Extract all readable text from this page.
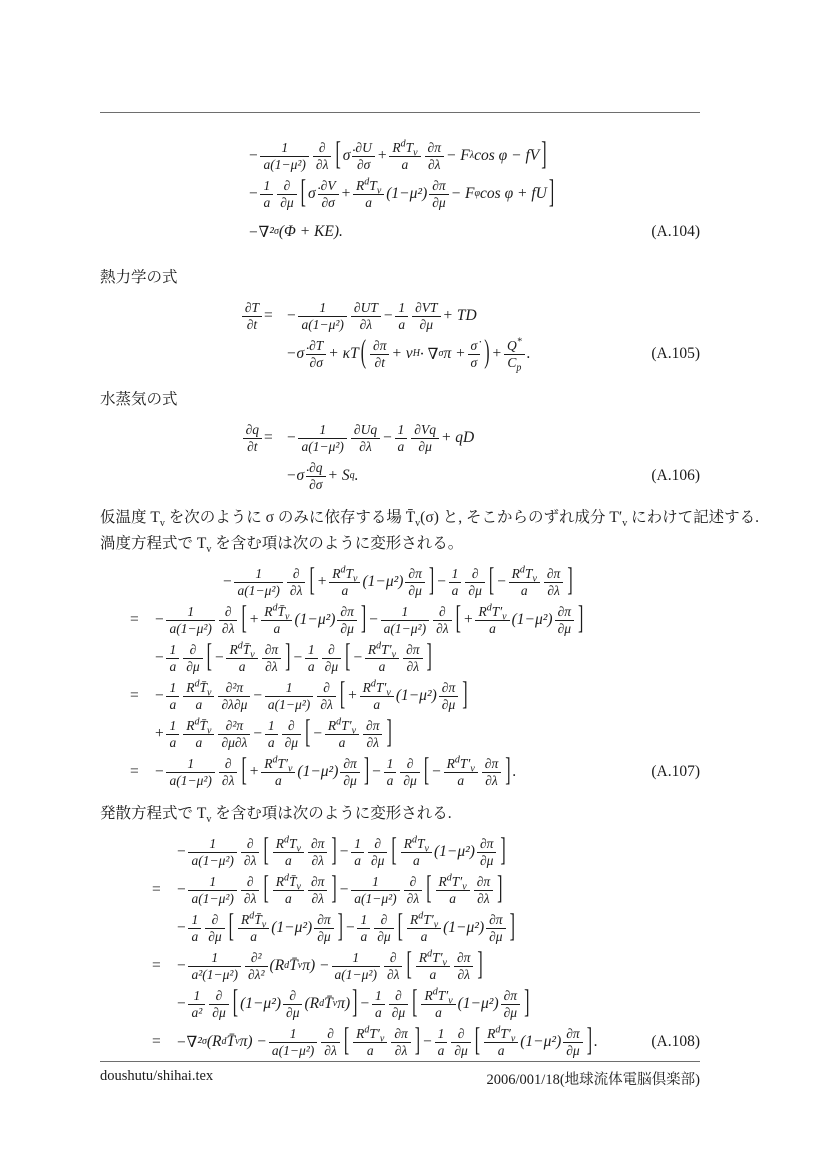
− $\frac{1}{\text{a(1−μ²)}} \frac{\partial}{\partial\lambda}$ [ σ̇ $\frac{\partial U}{\partial\sigma} + \frac{R^dT_v}{a} \frac{\partial\pi}{\partial\lambda} - F$ λ cos φ − fV ]
− $\frac{1}{a} \frac{\partial}{\partial\mu}$ [ σ̇ $\frac{\partial V}{\partial\sigma} + \frac{R^dT_v}{a} (1-\mu^2) \frac{\partial\pi}{\partial\mu} - F$ φ cos φ + fU ]
−∇² σ (Φ + KE).	(A.104)
熱力学の式
$\frac{\partial T}{\partial t}$ = − $\frac{1}{\text{a(1−μ²)}} \frac{\partial UT}{\partial\lambda} - \frac{1}{a} \frac{\partial VT}{\partial\mu}$ + TD
−σ̇ $\frac{\partial T}{\partial\sigma} + \kappa T$ ( $\frac{\partial\pi}{\partial t} + v$ H · ∇ σ $\pi + \frac{\sigmȧ}{\sigma}$ ) + $\frac{Q^*}{C_p}$ .	(A.105)
水蒸気の式
$\frac{\partial q}{\partial t}$ = − $\frac{1}{\text{a(1−μ²)}} \frac{\partial Uq}{\partial\lambda} - \frac{1}{a} \frac{\partial Vq}{\partial\mu}$ + qD
−σ̇ $\frac{\partial q}{\partial\sigma} + S$ q .	(A.106)
仮温度 $T_v$ を次のように σ のみに依存する場 $T̄_v(\sigma)$ と, そこからのずれ成分 $T'_v$ にわけて記述する.
渦度方程式で $T_v$ を含む項は次のように変形される。
− $\frac{1}{\text{a(1−μ²)}} \frac{\partial}{\partial\lambda}$ [ + $\frac{R^dT_v}{a} (1-\mu^2) \frac{\partial\pi}{\partial\mu}$ ] − $\frac{1}{a} \frac{\partial}{\partial\mu}$ [ − $\frac{R^dT_v}{a} \frac{\partial\pi}{\partial\lambda}$ ]
= − $\frac{1}{\text{a(1−μ²)}} \frac{\partial}{\partial\lambda}$ [ + $\frac{R^dT̄_v}{a} (1-\mu^2) \frac{\partial\pi}{\partial\mu}$ ] − $\frac{1}{\text{a(1−μ²)}} \frac{\partial}{\partial\lambda}$ [ + $\frac{R^dT'_v}{a} (1-\mu^2) \frac{\partial\pi}{\partial\mu}$ ]
− $\frac{1}{a} \frac{\partial}{\partial\mu}$ [ − $\frac{R^dT̄_v}{a} \frac{\partial\pi}{\partial\lambda}$ ] − $\frac{1}{a} \frac{\partial}{\partial\mu}$ [ − $\frac{R^dT'_v}{a} \frac{\partial\pi}{\partial\lambda}$ ]
= − $\frac{1}{a} \frac{R^dT̄_v}{a} \frac{\text{∂²π}}{\partial\lambda\partial\mu} - \frac{1}{\text{a(1−μ²)}} \frac{\partial}{\partial\lambda}$ [ + $\frac{R^dT'_v}{a} (1-\mu^2) \frac{\partial\pi}{\partial\mu}$ ]
+ $\frac{1}{a} \frac{R^dT̄_v}{a} \frac{\text{∂²π}}{\partial\mu\partial\lambda} - \frac{1}{a} \frac{\partial}{\partial\mu}$ [ − $\frac{R^dT'_v}{a} \frac{\partial\pi}{\partial\lambda}$ ]
= − $\frac{1}{\text{a(1−μ²)}} \frac{\partial}{\partial\lambda}$ [ + $\frac{R^dT'_v}{a} (1-\mu^2) \frac{\partial\pi}{\partial\mu}$ ] − $\frac{1}{a} \frac{\partial}{\partial\mu}$ [ − $\frac{R^dT'_v}{a} \frac{\partial\pi}{\partial\lambda}$ ] .	(A.107)
発散方程式で $T_v$ を含む項は次のように変形される.
− $\frac{1}{\text{a(1−μ²)}} \frac{\partial}{\partial\lambda}$ [ $\frac{R^dT_v}{a} \frac{\partial\pi}{\partial\lambda}$ ] − $\frac{1}{a} \frac{\partial}{\partial\mu}$ [ $\frac{R^dT_v}{a} (1-\mu^2) \frac{\partial\pi}{\partial\mu}$ ]
= − $\frac{1}{\text{a(1−μ²)}} \frac{\partial}{\partial\lambda}$ [ $\frac{R^dT̄_v}{a} \frac{\partial\pi}{\partial\lambda}$ ] − $\frac{1}{\text{a(1−μ²)}} \frac{\partial}{\partial\lambda}$ [ $\frac{R^dT'_v}{a} \frac{\partial\pi}{\partial\lambda}$ ]
− $\frac{1}{a} \frac{\partial}{\partial\mu}$ [ $\frac{R^dT̄_v}{a} (1-\mu^2) \frac{\partial\pi}{\partial\mu}$ ] − $\frac{1}{a} \frac{\partial}{\partial\mu}$ [ $\frac{R^dT'_v}{a} (1-\mu^2) \frac{\partial\pi}{\partial\mu}$ ]
= − $\frac{1}{\text{a²(1−μ²)}} \frac{\text{∂²}}{\text{∂λ²}} (R$ d T̄ v $\pi) - \frac{1}{\text{a(1−μ²)}} \frac{\partial}{\partial\lambda}$ [ $\frac{R^dT'_v}{a} \frac{\partial\pi}{\partial\lambda}$ ]
− $\frac{1}{\text{a²}} \frac{\partial}{\partial\mu}$ [ $(1-\mu^2) \frac{\partial}{\partial\mu} (R$ d T̄ v π) ] − $\frac{1}{a} \frac{\partial}{\partial\mu}$ [ $\frac{R^dT'_v}{a} (1-\mu^2) \frac{\partial\pi}{\partial\mu}$ ]
= −∇² σ (R d T̄ v $\pi) - \frac{1}{\text{a(1−μ²)}} \frac{\partial}{\partial\lambda}$ [ $\frac{R^dT'_v}{a} \frac{\partial\pi}{\partial\lambda}$ ] − $\frac{1}{a} \frac{\partial}{\partial\mu}$ [ $\frac{R^dT'_v}{a} (1-\mu^2) \frac{\partial\pi}{\partial\mu}$ ] .	(A.108)
doushutu/shihai.tex	2006/001/18(地球流体電脳倶楽部)
